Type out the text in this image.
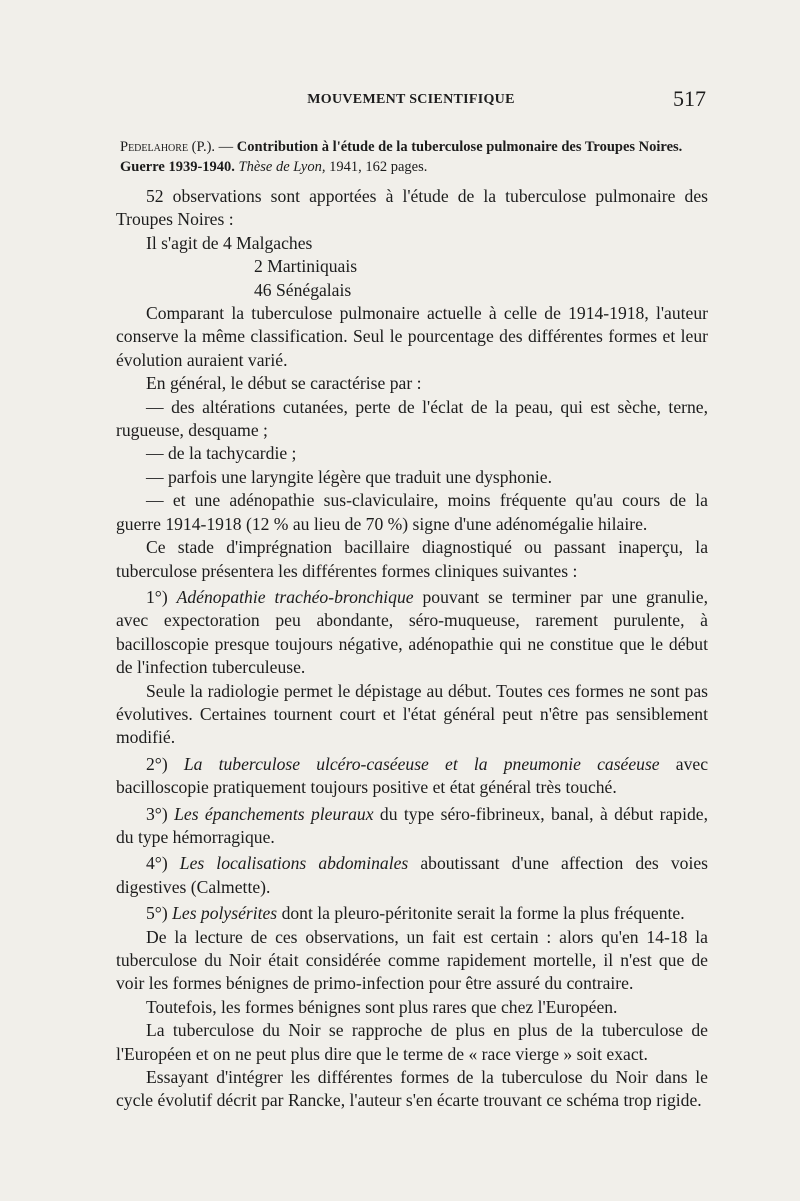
MOUVEMENT SCIENTIFIQUE	517
Pedelahore (P.). — Contribution à l'étude de la tuberculose pulmonaire des Troupes Noires. Guerre 1939-1940. Thèse de Lyon, 1941, 162 pages.

52 observations sont apportées à l'étude de la tuberculose pulmonaire des Troupes Noires :

Il s'agit de 4 Malgaches
2 Martiniquais
46 Sénégalais

Comparant la tuberculose pulmonaire actuelle à celle de 1914-1918, l'auteur conserve la même classification. Seul le pourcentage des différentes formes et leur évolution auraient varié.

En général, le début se caractérise par :

— des altérations cutanées, perte de l'éclat de la peau, qui est sèche, terne, rugueuse, desquame ;

— de la tachycardie ;

— parfois une laryngite légère que traduit une dysphonie.

— et une adénopathie sus-claviculaire, moins fréquente qu'au cours de la guerre 1914-1918 (12 % au lieu de 70 %) signe d'une adénomégalie hilaire.

Ce stade d'imprégnation bacillaire diagnostiqué ou passant inaperçu, la tuberculose présentera les différentes formes cliniques suivantes :

1°) Adénopathie trachéo-bronchique pouvant se terminer par une granulie, avec expectoration peu abondante, séro-muqueuse, rarement purulente, à bacilloscopie presque toujours négative, adénopathie qui ne constitue que le début de l'infection tuberculeuse.

Seule la radiologie permet le dépistage au début. Toutes ces formes ne sont pas évolutives. Certaines tournent court et l'état général peut n'être pas sensiblement modifié.

2°) La tuberculose ulcéro-caséeuse et la pneumonie caséeuse avec bacilloscopie pratiquement toujours positive et état général très touché.

3°) Les épanchements pleuraux du type séro-fibrineux, banal, à début rapide, du type hémorragique.

4°) Les localisations abdominales aboutissant d'une affection des voies digestives (Calmette).

5°) Les polysérites dont la pleuro-péritonite serait la forme la plus fréquente.

De la lecture de ces observations, un fait est certain : alors qu'en 14-18 la tuberculose du Noir était considérée comme rapidement mortelle, il n'est que de voir les formes bénignes de primo-infection pour être assuré du contraire.

Toutefois, les formes bénignes sont plus rares que chez l'Européen.

La tuberculose du Noir se rapproche de plus en plus de la tuberculose de l'Européen et on ne peut plus dire que le terme de « race vierge » soit exact.

Essayant d'intégrer les différentes formes de la tuberculose du Noir dans le cycle évolutif décrit par Rancke, l'auteur s'en écarte trouvant ce schéma trop rigide.
